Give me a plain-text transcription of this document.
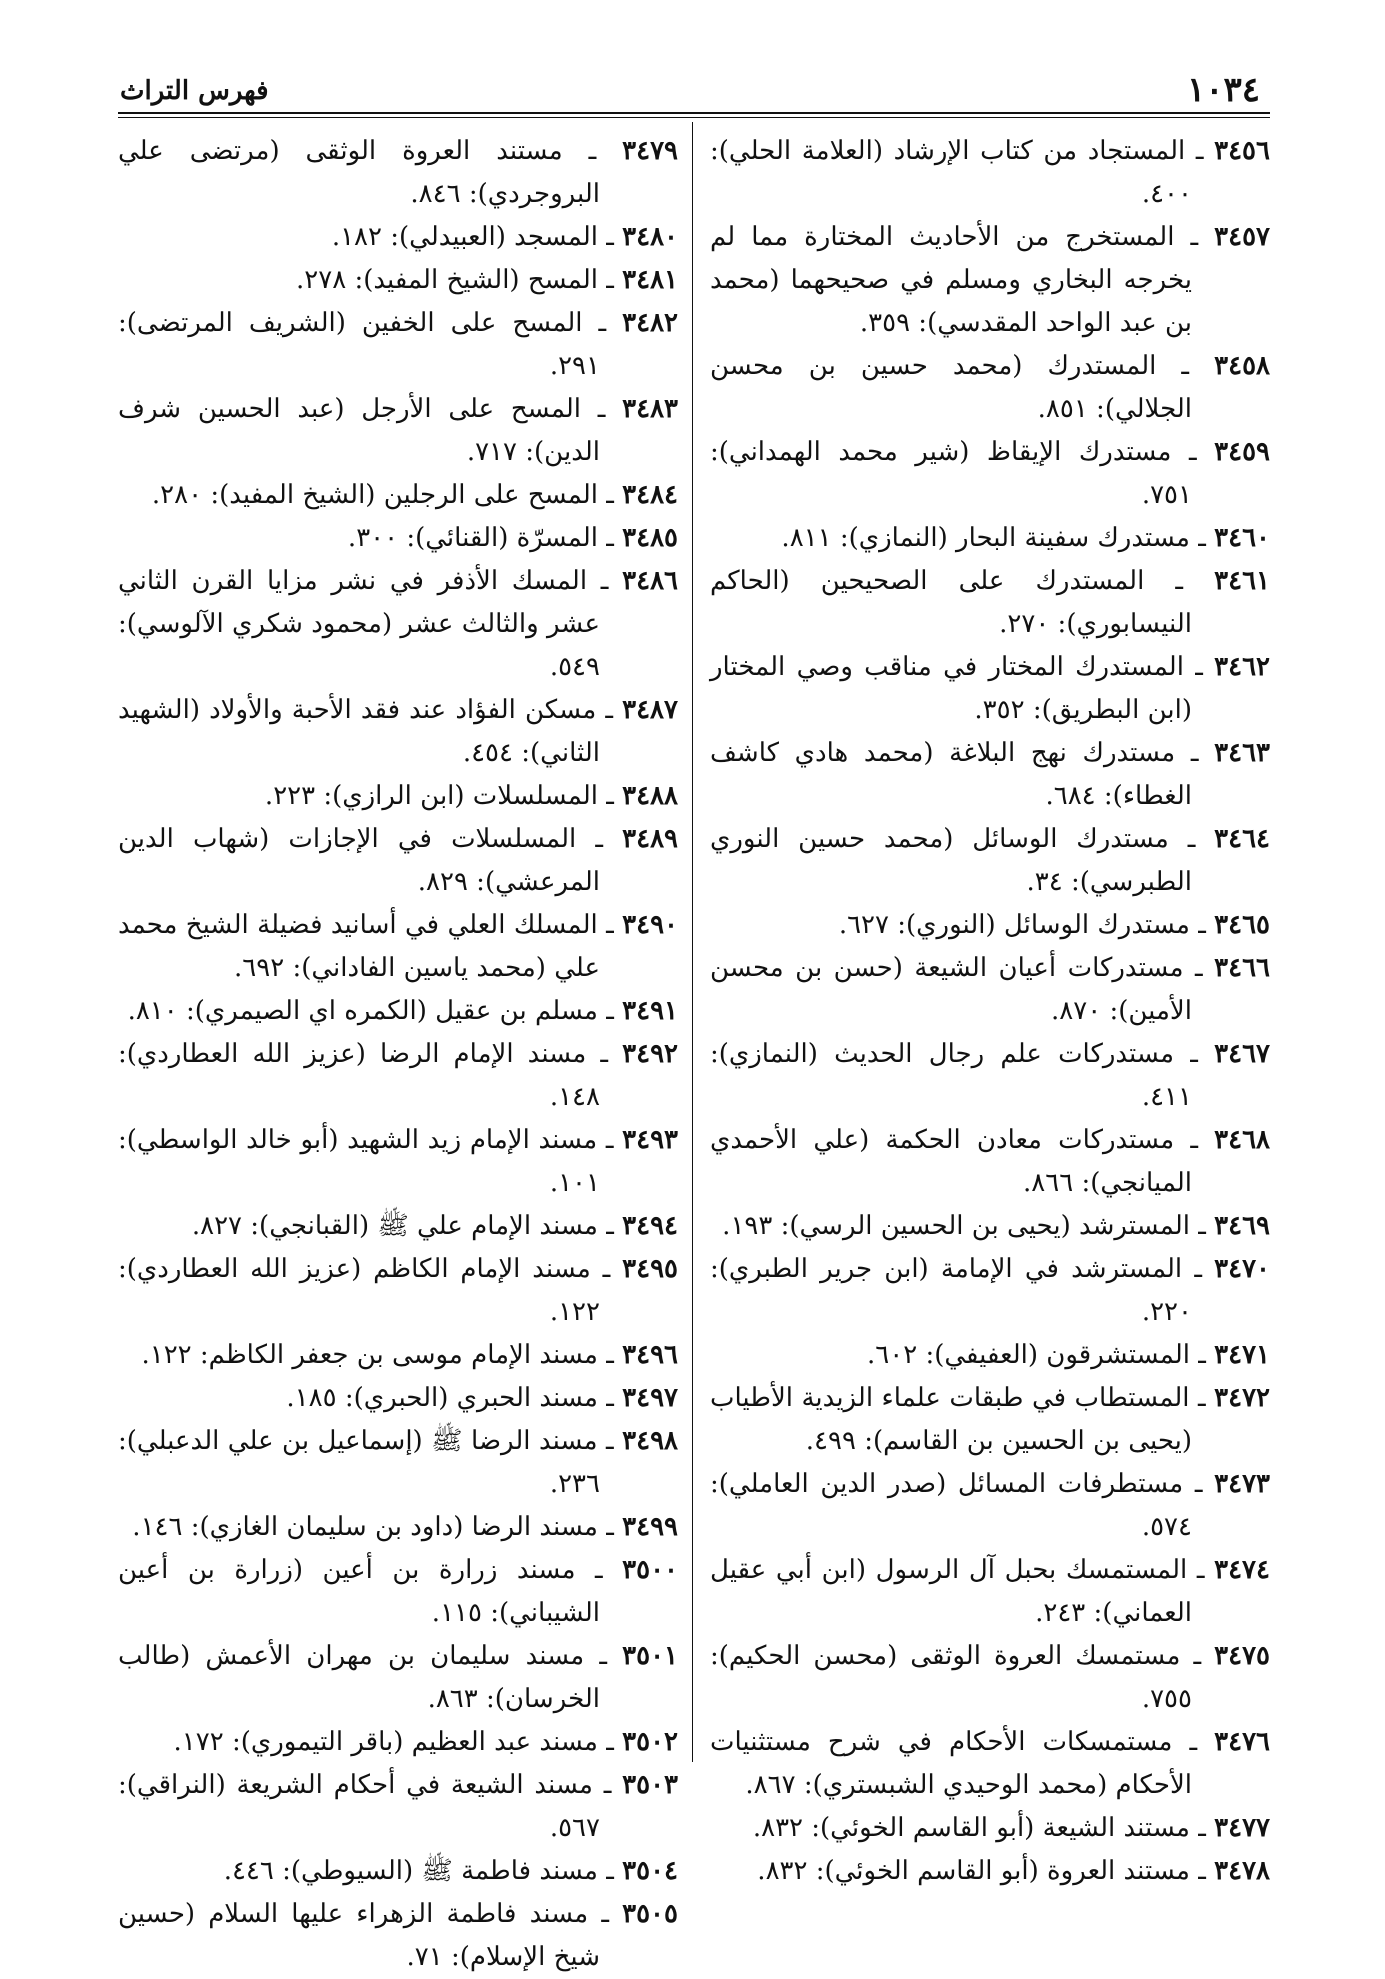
١٠٣٤
فهرس التراث

٣٤٥٦ ـ المستجاد من كتاب الإرشاد (العلامة الحلي): ٤٠٠.

٣٤٥٧ ـ المستخرج من الأحاديث المختارة مما لم يخرجه البخاري ومسلم في صحيحهما (محمد بن عبد الواحد المقدسي): ٣٥٩.

٣٤٥٨ ـ المستدرك (محمد حسين بن محسن الجلالي): ٨٥١.

٣٤٥٩ ـ مستدرك الإيقاظ (شير محمد الهمداني): ٧٥١.

٣٤٦٠ ـ مستدرك سفينة البحار (النمازي): ٨١١.

٣٤٦١ ـ المستدرك على الصحيحين (الحاكم النيسابوري): ٢٧٠.

٣٤٦٢ ـ المستدرك المختار في مناقب وصي المختار (ابن البطريق): ٣٥٢.

٣٤٦٣ ـ مستدرك نهج البلاغة (محمد هادي كاشف الغطاء): ٦٨٤.

٣٤٦٤ ـ مستدرك الوسائل (محمد حسين النوري الطبرسي): ٣٤.

٣٤٦٥ ـ مستدرك الوسائل (النوري): ٦٢٧.

٣٤٦٦ ـ مستدركات أعيان الشيعة (حسن بن محسن الأمين): ٨٧٠.

٣٤٦٧ ـ مستدركات علم رجال الحديث (النمازي): ٤١١.

٣٤٦٨ ـ مستدركات معادن الحكمة (علي الأحمدي الميانجي): ٨٦٦.

٣٤٦٩ ـ المسترشد (يحيى بن الحسين الرسي): ١٩٣.

٣٤٧٠ ـ المسترشد في الإمامة (ابن جرير الطبري): ٢٢٠.

٣٤٧١ ـ المستشرقون (العفيفي): ٦٠٢.

٣٤٧٢ ـ المستطاب في طبقات علماء الزيدية الأطياب (يحيى بن الحسين بن القاسم): ٤٩٩.

٣٤٧٣ ـ مستطرفات المسائل (صدر الدين العاملي): ٥٧٤.

٣٤٧٤ ـ المستمسك بحبل آل الرسول (ابن أبي عقيل العماني): ٢٤٣.

٣٤٧٥ ـ مستمسك العروة الوثقى (محسن الحكيم): ٧٥٥.

٣٤٧٦ ـ مستمسكات الأحكام في شرح مستثنيات الأحكام (محمد الوحيدي الشبستري): ٨٦٧.

٣٤٧٧ ـ مستند الشيعة (أبو القاسم الخوئي): ٨٣٢.

٣٤٧٨ ـ مستند العروة (أبو القاسم الخوئي): ٨٣٢.

٣٤٧٩ ـ مستند العروة الوثقى (مرتضى علي البروجردي): ٨٤٦.

٣٤٨٠ ـ المسجد (العبيدلي): ١٨٢.

٣٤٨١ ـ المسح (الشيخ المفيد): ٢٧٨.

٣٤٨٢ ـ المسح على الخفين (الشريف المرتضى): ٢٩١.

٣٤٨٣ ـ المسح على الأرجل (عبد الحسين شرف الدين): ٧١٧.

٣٤٨٤ ـ المسح على الرجلين (الشيخ المفيد): ٢٨٠.

٣٤٨٥ ـ المسرّة (القنائي): ٣٠٠.

٣٤٨٦ ـ المسك الأذفر في نشر مزايا القرن الثاني عشر والثالث عشر (محمود شكري الآلوسي): ٥٤٩.

٣٤٨٧ ـ مسكن الفؤاد عند فقد الأحبة والأولاد (الشهيد الثاني): ٤٥٤.

٣٤٨٨ ـ المسلسلات (ابن الرازي): ٢٢٣.

٣٤٨٩ ـ المسلسلات في الإجازات (شهاب الدين المرعشي): ٨٢٩.

٣٤٩٠ ـ المسلك العلي في أسانيد فضيلة الشيخ محمد علي (محمد ياسين الفاداني): ٦٩٢.

٣٤٩١ ـ مسلم بن عقيل (الكمره اي الصيمري): ٨١٠.

٣٤٩٢ ـ مسند الإمام الرضا (عزيز الله العطاردي): ١٤٨.

٣٤٩٣ ـ مسند الإمام زيد الشهيد (أبو خالد الواسطي): ١٠١.

٣٤٩٤ ـ مسند الإمام علي ﷺ (القبانجي): ٨٢٧.

٣٤٩٥ ـ مسند الإمام الكاظم (عزيز الله العطاردي): ١٢٢.

٣٤٩٦ ـ مسند الإمام موسى بن جعفر الكاظم: ١٢٢.

٣٤٩٧ ـ مسند الحبري (الحبري): ١٨٥.

٣٤٩٨ ـ مسند الرضا ﷺ (إسماعيل بن علي الدعبلي): ٢٣٦.

٣٤٩٩ ـ مسند الرضا (داود بن سليمان الغازي): ١٤٦.

٣٥٠٠ ـ مسند زرارة بن أعين (زرارة بن أعين الشيباني): ١١٥.

٣٥٠١ ـ مسند سليمان بن مهران الأعمش (طالب الخرسان): ٨٦٣.

٣٥٠٢ ـ مسند عبد العظيم (باقر التيموري): ١٧٢.

٣٥٠٣ ـ مسند الشيعة في أحكام الشريعة (النراقي): ٥٦٧.

٣٥٠٤ ـ مسند فاطمة ﷺ (السيوطي): ٤٤٦.

٣٥٠٥ ـ مسند فاطمة الزهراء عليها السلام (حسين شيخ الإسلام): ٧١.
